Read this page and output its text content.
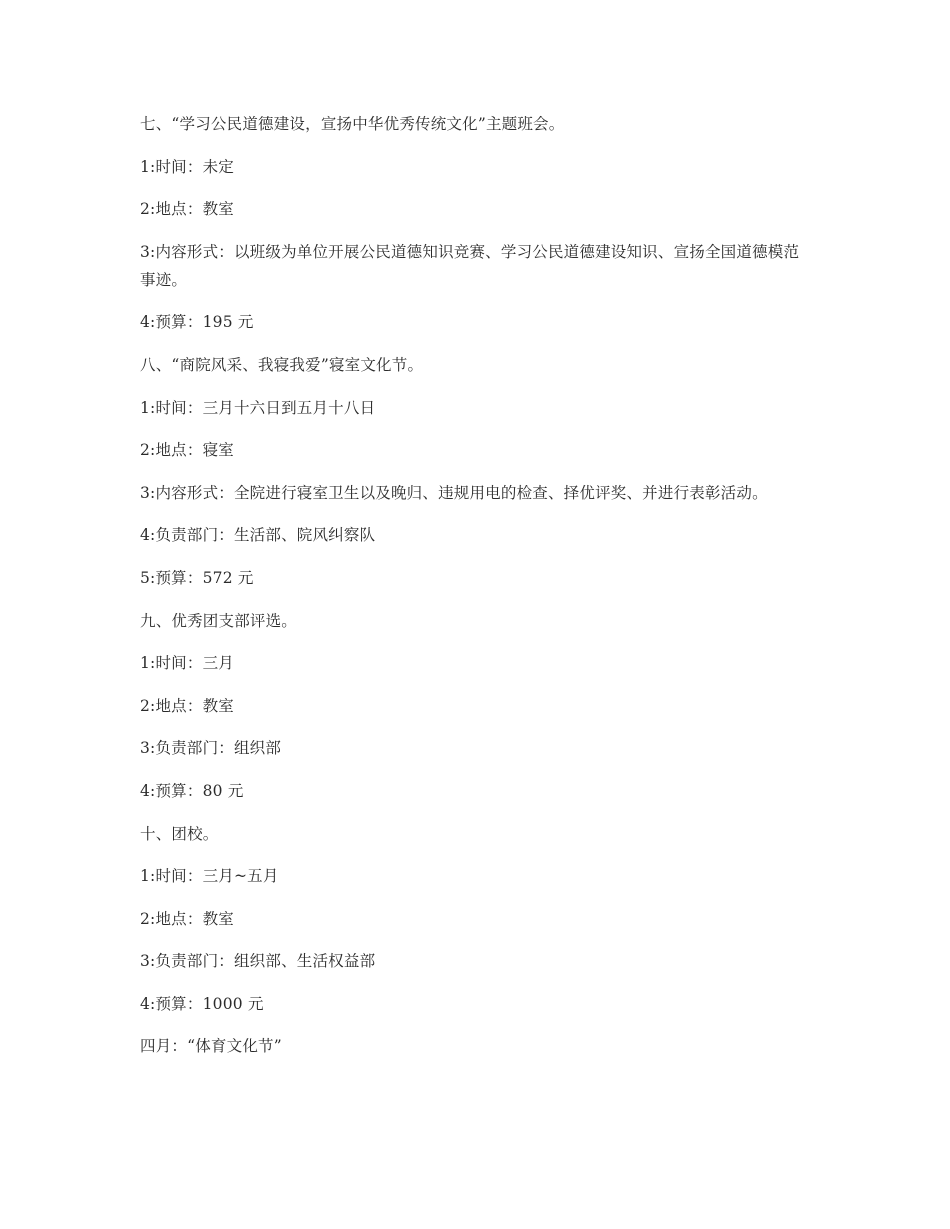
七、“学习公民道德建设，宣扬中华优秀传统文化”主题班会。

1:时间：未定

2:地点：教室

3:内容形式：以班级为单位开展公民道德知识竞赛、学习公民道德建设知识、宣扬全国道德模范事迹。

4:预算：195 元

八、“商院风采、我寝我爱”寝室文化节。

1:时间：三月十六日到五月十八日

2:地点：寝室

3:内容形式：全院进行寝室卫生以及晚归、违规用电的检查、择优评奖、并进行表彰活动。

4:负责部门：生活部、院风纠察队

5:预算：572 元

九、优秀团支部评选。

1:时间：三月

2:地点：教室

3:负责部门：组织部

4:预算：80 元

十、团校。

1:时间：三月~五月

2:地点：教室

3:负责部门：组织部、生活权益部

4:预算：1000 元

四月：“体育文化节”
